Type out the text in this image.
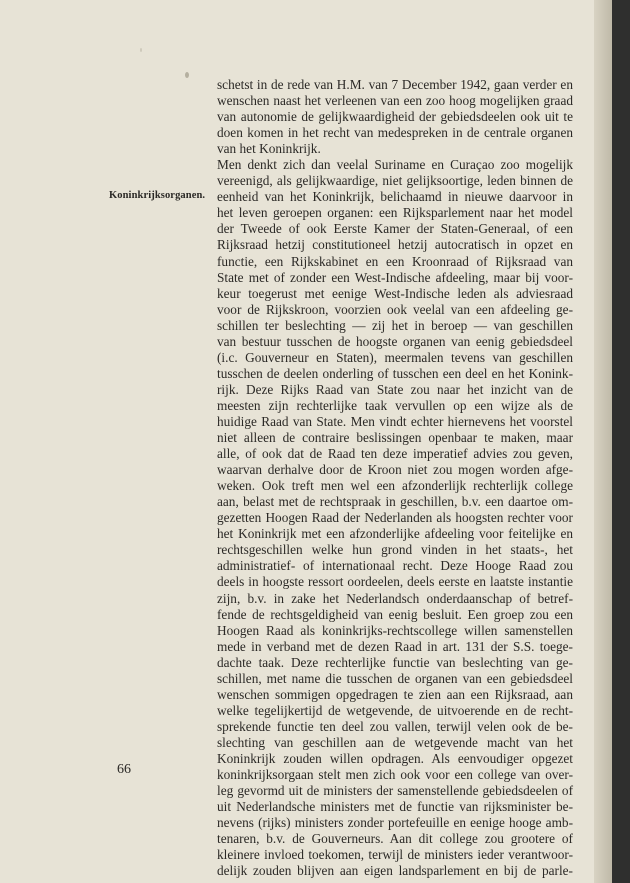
Koninkrijksorganen.
schetst in de rede van H.M. van 7 December 1942, gaan verder en
wenschen naast het verleenen van een zoo hoog mogelijken graad
van autonomie de gelijkwaardigheid der gebiedsdeelen ook uit te
doen komen in het recht van medespreken in de centrale organen
van het Koninkrijk.
Men denkt zich dan veelal Suriname en Curaçao zoo mogelijk
vereenigd, als gelijkwaardige, niet gelijksoortige, leden binnen de
eenheid van het Koninkrijk, belichaamd in nieuwe daarvoor in
het leven geroepen organen: een Rijksparlement naar het model
der Tweede of ook Eerste Kamer der Staten-Generaal, of een
Rijksraad hetzij constitutioneel hetzij autocratisch in opzet en
functie, een Rijkskabinet en een Kroonraad of Rijksraad van
State met of zonder een West-Indische afdeeling, maar bij voor-
keur toegerust met eenige West-Indische leden als adviesraad
voor de Rijkskroon, voorzien ook veelal van een afdeeling ge-
schillen ter beslechting — zij het in beroep — van geschillen
van bestuur tusschen de hoogste organen van eenig gebiedsdeel
(i.c. Gouverneur en Staten), meermalen tevens van geschillen
tusschen de deelen onderling of tusschen een deel en het Konink-
rijk. Deze Rijks Raad van State zou naar het inzicht van de
meesten zijn rechterlijke taak vervullen op een wijze als de
huidige Raad van State. Men vindt echter hiernevens het voorstel
niet alleen de contraire beslissingen openbaar te maken, maar
alle, of ook dat de Raad ten deze imperatief advies zou geven,
waarvan derhalve door de Kroon niet zou mogen worden afge-
weken. Ook treft men wel een afzonderlijk rechterlijk college
aan, belast met de rechtspraak in geschillen, b.v. een daartoe om-
gezetten Hoogen Raad der Nederlanden als hoogsten rechter voor
het Koninkrijk met een afzonderlijke afdeeling voor feitelijke en
rechtsgeschillen welke hun grond vinden in het staats-, het
administratief- of internationaal recht. Deze Hooge Raad zou
deels in hoogste ressort oordeelen, deels eerste en laatste instantie
zijn, b.v. in zake het Nederlandsch onderdaanschap of betref-
fende de rechtsgeldigheid van eenig besluit. Een groep zou een
Hoogen Raad als koninkrijks-rechtscollege willen samenstellen
mede in verband met de dezen Raad in art. 131 der S.S. toege-
dachte taak. Deze rechterlijke functie van beslechting van ge-
schillen, met name die tusschen de organen van een gebiedsdeel
wenschen sommigen opgedragen te zien aan een Rijksraad, aan
welke tegelijkertijd de wetgevende, de uitvoerende en de recht-
sprekende functie ten deel zou vallen, terwijl velen ook de be-
slechting van geschillen aan de wetgevende macht van het
Koninkrijk zouden willen opdragen. Als eenvoudiger opgezet
koninkrijksorgaan stelt men zich ook voor een college van over-
leg gevormd uit de ministers der samenstellende gebiedsdeelen of
uit Nederlandsche ministers met de functie van rijksminister be-
nevens (rijks) ministers zonder portefeuille en eenige hooge amb-
tenaren, b.v. de Gouverneurs. Aan dit college zou grootere of
kleinere invloed toekomen, terwijl de ministers ieder verantwoor-
delijk zouden blijven aan eigen landsparlement en bij de parle-
66
